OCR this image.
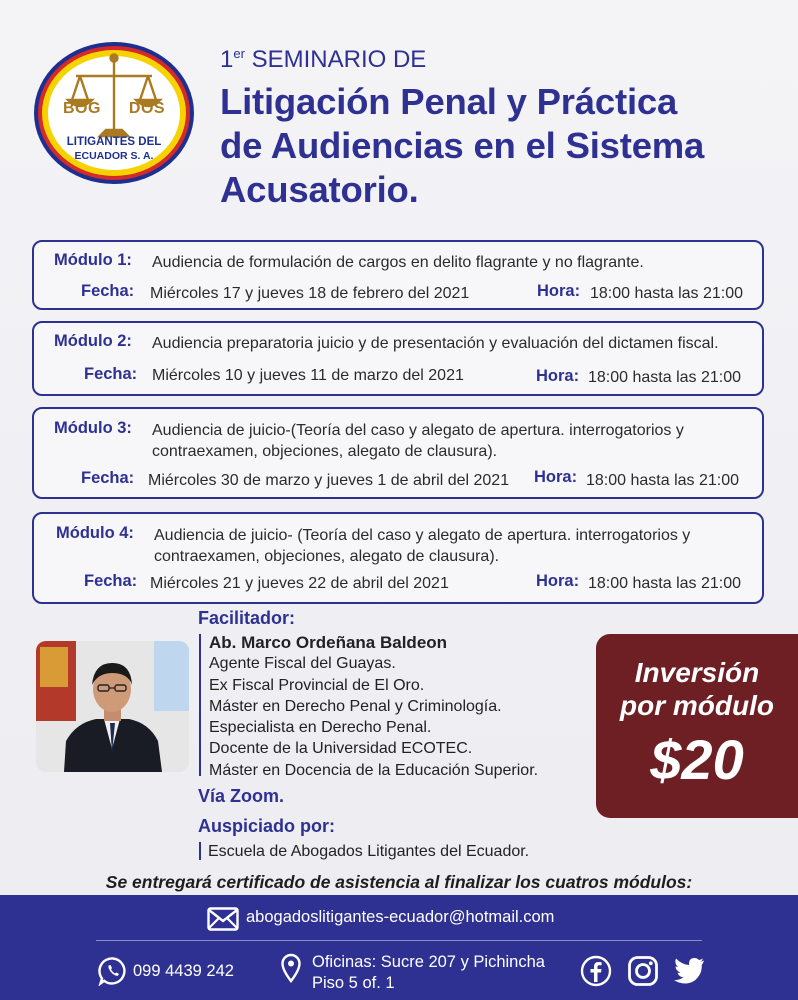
BOG DOS
LITIGANTES DEL
ECUADOR S. A.
1er SEMINARIO DE
Litigación Penal y Práctica
de Audiencias en el Sistema
Acusatorio.
Módulo 1: Audiencia de formulación de cargos en delito flagrante y no flagrante.
Fecha: Miércoles 17 y jueves 18 de febrero del 2021	Hora: 18:00 hasta las 21:00
Módulo 2: Audiencia preparatoria juicio y de presentación y evaluación del dictamen fiscal.
Fecha: Miércoles 10 y jueves 11 de marzo del 2021	Hora: 18:00 hasta las 21:00
Módulo 3: Audiencia de juicio-(Teoría del caso y alegato de apertura. interrogatorios y
contraexamen, objeciones, alegato de clausura).
Fecha: Miércoles 30 de marzo y jueves 1 de abril del 2021 Hora: 18:00 hasta las 21:00
Módulo 4: Audiencia de juicio- (Teoría del caso y alegato de apertura. interrogatorios y
contraexamen, objeciones, alegato de clausura).
Fecha: Miércoles 21 y jueves 22 de abril del 2021	Hora: 18:00 hasta las 21:00
Facilitador:
Ab. Marco Ordeñana Baldeon
Agente Fiscal del Guayas.
Ex Fiscal Provincial de El Oro.
Máster en Derecho Penal y Criminología.
Especialista en Derecho Penal.
Docente de la Universidad ECOTEC.
Máster en Docencia de la Educación Superior.
Vía Zoom.
Auspiciado por:
Escuela de Abogados Litigantes del Ecuador.
Inversión
por módulo
$20
Se entregará certificado de asistencia al finalizar los cuatros módulos:
abogadoslitigantes-ecuador@hotmail.com
099 4439 242	Oficinas: Sucre 207 y Pichincha
Piso 5 of. 1
